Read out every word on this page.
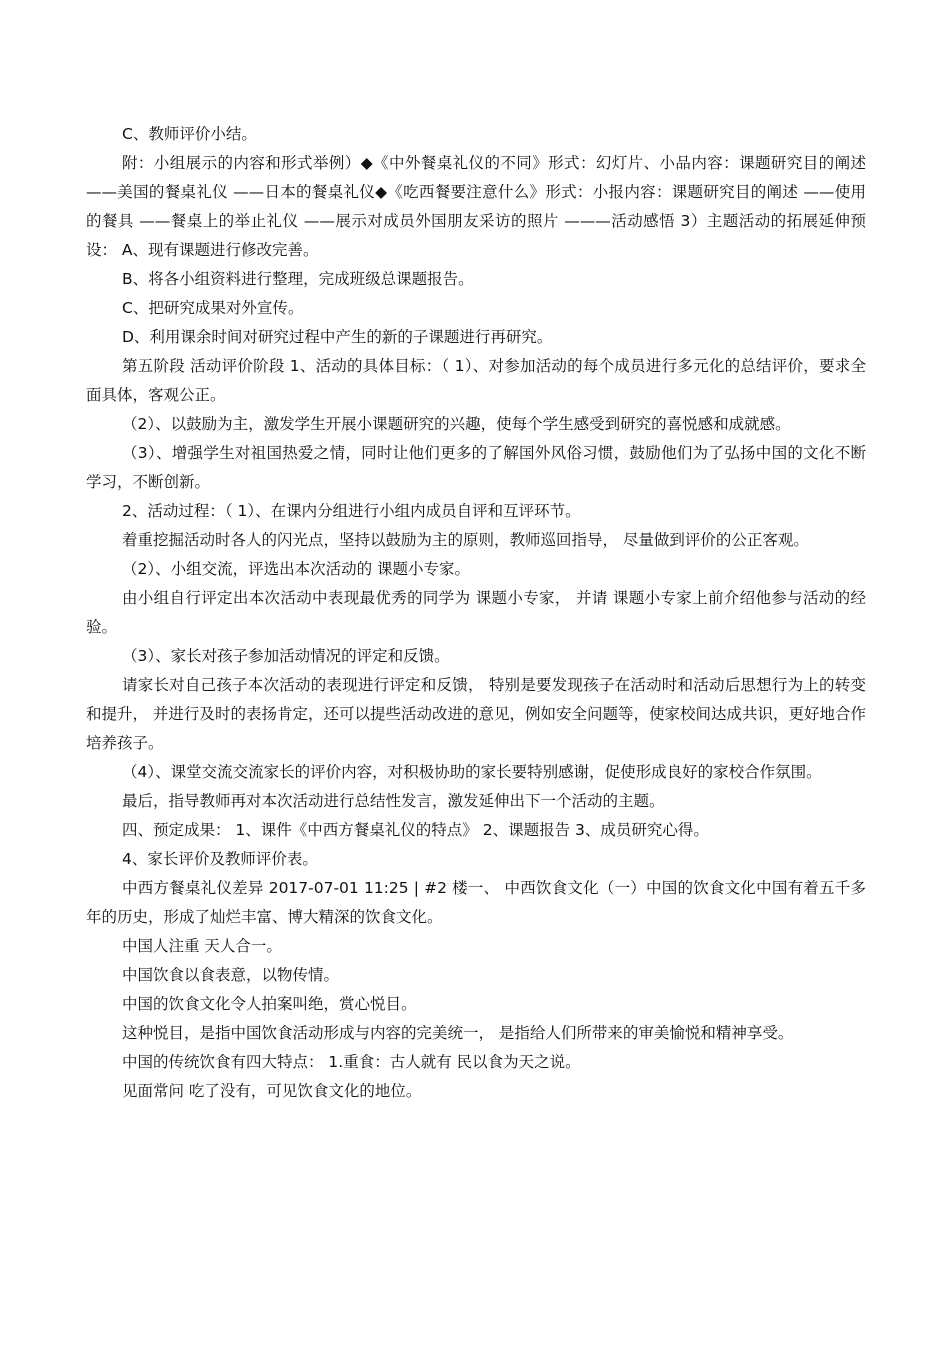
C、教师评价小结。

附：小组展示的内容和形式举例）◆《中外餐桌礼仪的不同》形式：幻灯片、小品内容：课题研究目的阐述 ——美国的餐桌礼仪 ——日本的餐桌礼仪◆《吃西餐要注意什么》形式：小报内容：课题研究目的阐述 ——使用的餐具 ——餐桌上的举止礼仪 ——展示对成员外国朋友采访的照片 ———活动感悟 3）主题活动的拓展延伸预设： A、现有课题进行修改完善。

B、将各小组资料进行整理，完成班级总课题报告。

C、把研究成果对外宣传。

D、利用课余时间对研究过程中产生的新的子课题进行再研究。

第五阶段 活动评价阶段 1、活动的具体目标：（ 1）、对参加活动的每个成员进行多元化的总结评价，要求全面具体，客观公正。

（2）、以鼓励为主，激发学生开展小课题研究的兴趣，使每个学生感受到研究的喜悦感和成就感。

（3）、增强学生对祖国热爱之情，同时让他们更多的了解国外风俗习惯，鼓励他们为了弘扬中国的文化不断学习，不断创新。

2、活动过程：（ 1）、在课内分组进行小组内成员自评和互评环节。

着重挖掘活动时各人的闪光点，坚持以鼓励为主的原则，教师巡回指导， 尽量做到评价的公正客观。

（2）、小组交流，评选出本次活动的 课题小专家。

由小组自行评定出本次活动中表现最优秀的同学为 课题小专家， 并请 课题小专家上前介绍他参与活动的经验。

（3）、家长对孩子参加活动情况的评定和反馈。

请家长对自己孩子本次活动的表现进行评定和反馈， 特别是要发现孩子在活动时和活动后思想行为上的转变和提升， 并进行及时的表扬肯定，还可以提些活动改进的意见，例如安全问题等，使家校间达成共识，更好地合作培养孩子。

（4）、课堂交流交流家长的评价内容，对积极协助的家长要特别感谢，促使形成良好的家校合作氛围。

最后，指导教师再对本次活动进行总结性发言，激发延伸出下一个活动的主题。

四、预定成果： 1、课件《中西方餐桌礼仪的特点》 2、课题报告 3、成员研究心得。

4、家长评价及教师评价表。

中西方餐桌礼仪差异 2017-07-01 11:25 | #2 楼一、 中西饮食文化（一）中国的饮食文化中国有着五千多年的历史，形成了灿烂丰富、博大精深的饮食文化。

中国人注重 天人合一。

中国饮食以食表意，以物传情。

中国的饮食文化令人拍案叫绝，赏心悦目。

这种悦目，是指中国饮食活动形成与内容的完美统一， 是指给人们所带来的审美愉悦和精神享受。

中国的传统饮食有四大特点： 1.重食：古人就有 民以食为天之说。

见面常问 吃了没有，可见饮食文化的地位。
